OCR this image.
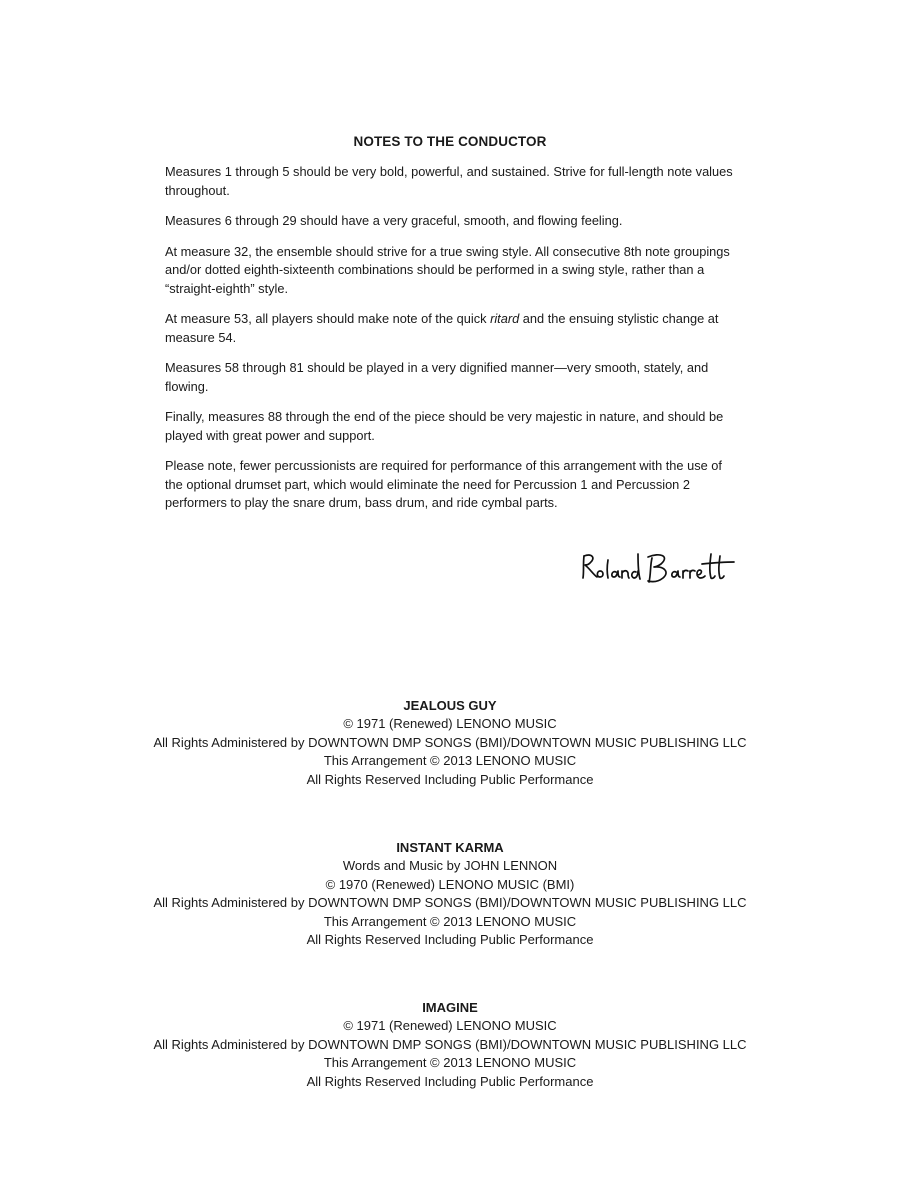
NOTES TO THE CONDUCTOR

Measures 1 through 5 should be very bold, powerful, and sustained. Strive for full-length note values throughout.

Measures 6 through 29 should have a very graceful, smooth, and flowing feeling.

At measure 32, the ensemble should strive for a true swing style. All consecutive 8th note groupings and/or dotted eighth-sixteenth combinations should be performed in a swing style, rather than a “straight-eighth” style.

At measure 53, all players should make note of the quick ritard and the ensuing stylistic change at measure 54.

Measures 58 through 81 should be played in a very dignified manner—very smooth, stately, and flowing.

Finally, measures 88 through the end of the piece should be very majestic in nature, and should be played with great power and support.

Please note, fewer percussionists are required for performance of this arrangement with the use of the optional drumset part, which would eliminate the need for Percussion 1 and Percussion 2 performers to play the snare drum, bass drum, and ride cymbal parts.

JEALOUS GUY
© 1971 (Renewed) LENONO MUSIC
All Rights Administered by DOWNTOWN DMP SONGS (BMI)/DOWNTOWN MUSIC PUBLISHING LLC
This Arrangement © 2013 LENONO MUSIC
All Rights Reserved Including Public Performance
INSTANT KARMA
Words and Music by JOHN LENNON
© 1970 (Renewed) LENONO MUSIC (BMI)
All Rights Administered by DOWNTOWN DMP SONGS (BMI)/DOWNTOWN MUSIC PUBLISHING LLC
This Arrangement © 2013 LENONO MUSIC
All Rights Reserved Including Public Performance
IMAGINE
© 1971 (Renewed) LENONO MUSIC
All Rights Administered by DOWNTOWN DMP SONGS (BMI)/DOWNTOWN MUSIC PUBLISHING LLC
This Arrangement © 2013 LENONO MUSIC
All Rights Reserved Including Public Performance
